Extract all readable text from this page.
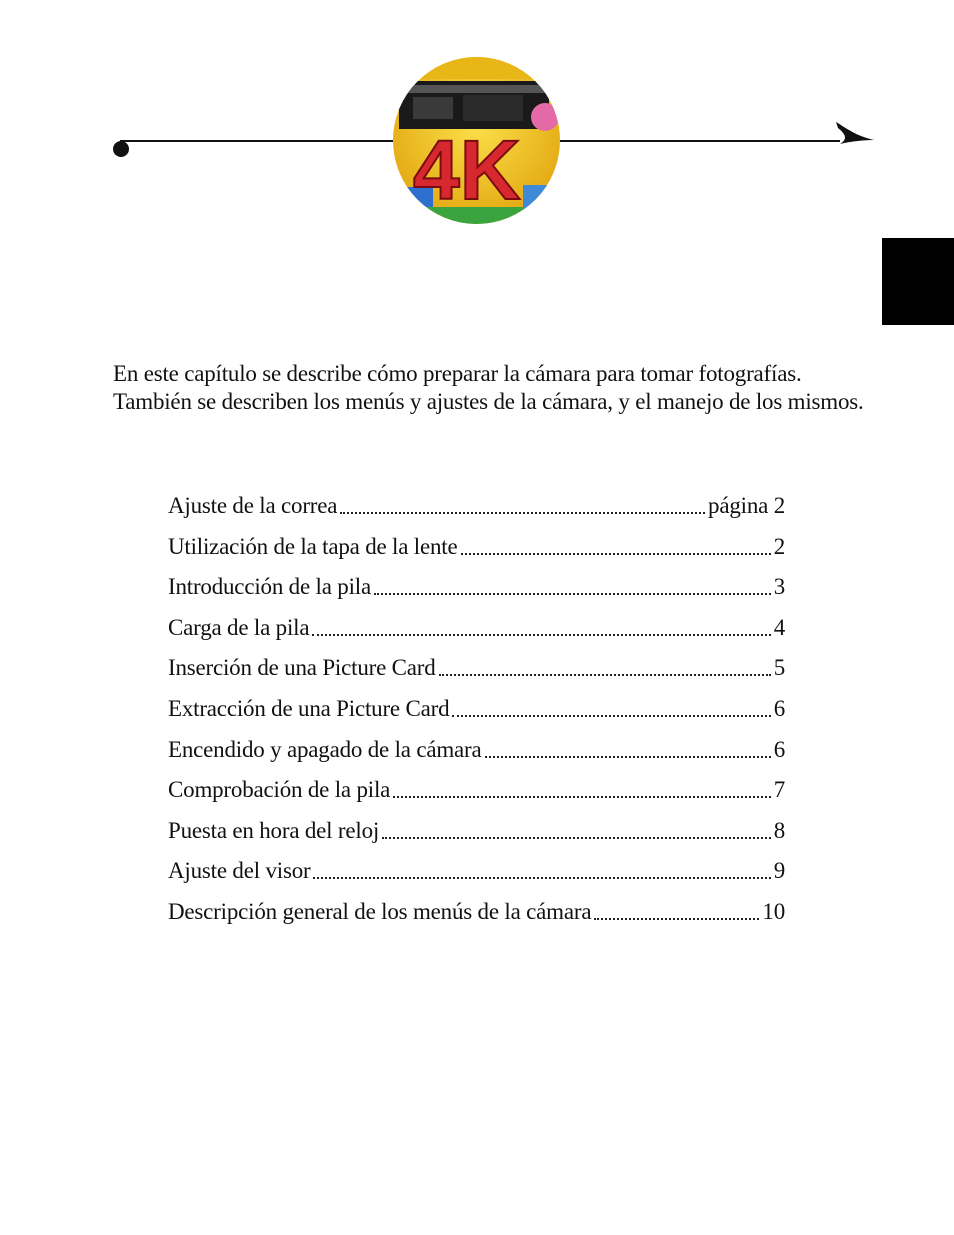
4K

En este capítulo se describe cómo preparar la cámara para tomar fotografías. También se describen los menús y ajustes de la cámara, y el manejo de los mismos.

Ajuste de la correa	página 2
Utilización de la tapa de la lente	2
Introducción de la pila	3
Carga de la pila	4
Inserción de una Picture Card	5
Extracción de una Picture Card	6
Encendido y apagado de la cámara	6
Comprobación de la pila	7
Puesta en hora del reloj	8
Ajuste del visor	9
Descripción general de los menús de la cámara	10
